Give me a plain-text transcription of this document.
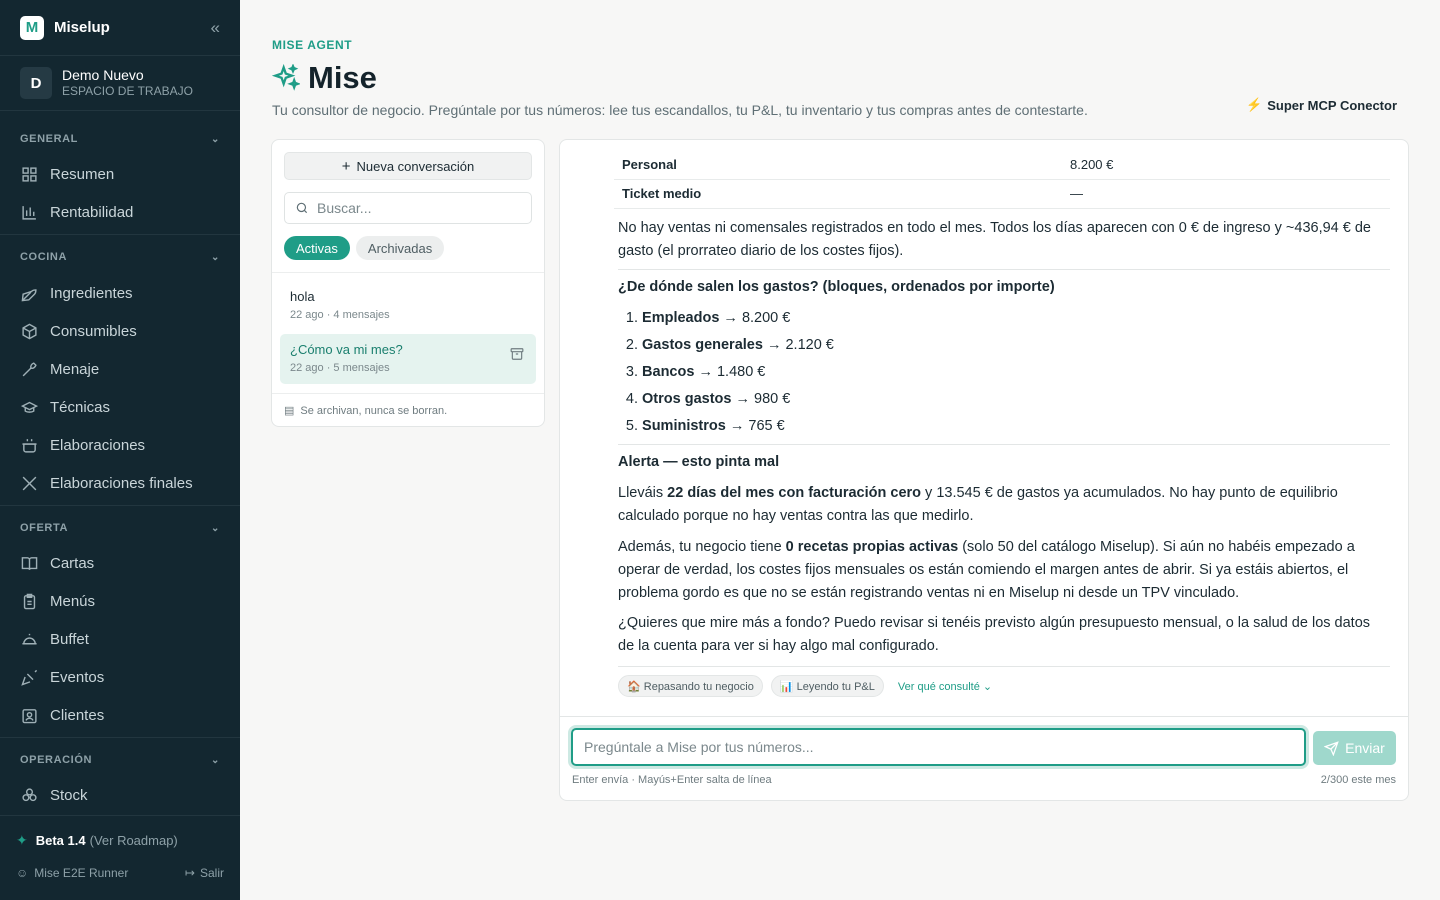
M	Miselup	«
D	Demo Nuevo
ESPACIO DE TRABAJO
GENERAL	⌄
Resumen
Rentabilidad
COCINA	⌄
Ingredientes
Consumibles
Menaje
Técnicas
Elaboraciones
Elaboraciones finales
OFERTA	⌄
Cartas
Menús
Buffet
Eventos
Clientes
OPERACIÓN	⌄
Stock
✦ Beta 1.4 (Ver Roadmap)
☺ Mise E2E Runner	↦ Salir
MISE AGENT
Mise
Tu consultor de negocio. Pregúntale por tus números: lee tus escandallos, tu P&L, tu inventario y tus compras antes de contestarte.	⚡ Super MCP Conector
+ Nueva conversación
Buscar...
Activas	Archivadas
hola
22 ago · 4 mensajes
¿Cómo va mi mes?
22 ago · 5 mensajes
▤ Se archivan, nunca se borran.
Personal	8.200 €
Ticket medio	—
No hay ventas ni comensales registrados en todo el mes. Todos los días aparecen con 0 € de ingreso y ~436,94 € de gasto (el prorrateo diario de los costes fijos).
¿De dónde salen los gastos? (bloques, ordenados por importe)
1. Empleados → 8.200 €
2. Gastos generales → 2.120 €
3. Bancos → 1.480 €
4. Otros gastos → 980 €
5. Suministros → 765 €
Alerta — esto pinta mal
Lleváis 22 días del mes con facturación cero y 13.545 € de gastos ya acumulados. No hay punto de equilibrio calculado porque no hay ventas contra las que medirlo.
Además, tu negocio tiene 0 recetas propias activas (solo 50 del catálogo Miselup). Si aún no habéis empezado a operar de verdad, los costes fijos mensuales os están comiendo el margen antes de abrir. Si ya estáis abiertos, el problema gordo es que no se están registrando ventas ni en Miselup ni desde un TPV vinculado.
¿Quieres que mire más a fondo? Puedo revisar si tenéis previsto algún presupuesto mensual, o la salud de los datos de la cuenta para ver si hay algo mal configurado.
🏠 Repasando tu negocio	📊 Leyendo tu P&L	Ver qué consulté ⌄
Pregúntale a Mise por tus números...
Enviar
Enter envía · Mayús+Enter salta de línea	2/300 este mes
